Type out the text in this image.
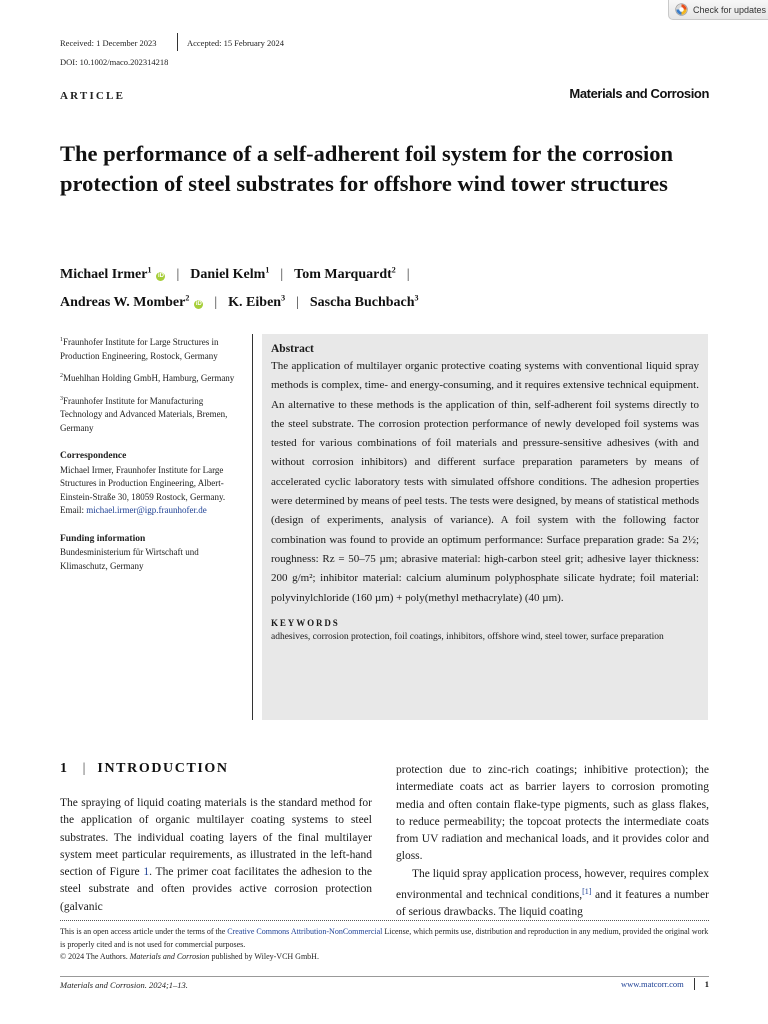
Check for updates
Received: 1 December 2023	Accepted: 15 February 2024
DOI: 10.1002/maco.202314218
ARTICLE	Materials and Corrosion
The performance of a self-adherent foil system for the corrosion protection of steel substrates for offshore wind tower structures
Michael Irmer$^1$iD | Daniel Kelm$^1$ | Tom Marquardt$^2$ |
Andreas W. Momber$^2$iD | K. Eiben$^3$ | Sascha Buchbach$^3$

$^1$Fraunhofer Institute for Large Structures in Production Engineering, Rostock, Germany

$^2$Muehlhan Holding GmbH, Hamburg, Germany

$^3$Fraunhofer Institute for Manufacturing Technology and Advanced Materials, Bremen, Germany

Correspondence
Michael Irmer, Fraunhofer Institute for Large Structures in Production Engineering, Albert-Einstein-Straße 30, 18059 Rostock, Germany.
Email: michael.irmer@igp.fraunhofer.de
Funding information
Bundesministerium für Wirtschaft und Klimaschutz, Germany
Abstract
The application of multilayer organic protective coating systems with conventional liquid spray methods is complex, time- and energy-consuming, and it requires extensive technical equipment. An alternative to these methods is the application of thin, self-adherent foil systems directly to the steel substrate. The corrosion protection performance of newly developed foil systems was tested for various combinations of foil materials and pressure-sensitive adhesives (with and without corrosion inhibitors) and different surface preparation parameters by means of accelerated cyclic laboratory tests with simulated offshore conditions. The adhesion properties were determined by means of peel tests. The tests were designed, by means of statistical methods (design of experiments, analysis of variance). A foil system with the following factor combination was found to provide an optimum performance: Surface preparation grade: Sa 2½; roughness: Rz = 50–75 µm; abrasive material: high-carbon steel grit; adhesive layer thickness: 200 g/m²; inhibitor material: calcium aluminum polyphosphate silicate hydrate; foil material: polyvinylchloride (160 µm) + poly(methyl methacrylate) (40 µm).
KEYWORDS
adhesives, corrosion protection, foil coatings, inhibitors, offshore wind, steel tower, surface preparation
1 | INTRODUCTION

The spraying of liquid coating materials is the standard method for the application of organic multilayer coating systems to steel substrates. The individual coating layers of the final multilayer system meet particular requirements, as illustrated in the left-hand section of Figure 1. The primer coat facilitates the adhesion to the steel substrate and often provides active corrosion protection (galvanic

protection due to zinc-rich coatings; inhibitive protection); the intermediate coats act as barrier layers to corrosion promoting media and often contain flake-type pigments, such as glass flakes, to reduce permeability; the topcoat protects the intermediate coats from UV radiation and mechanical loads, and it provides color and gloss.

The liquid spray application process, however, requires complex environmental and technical conditions,[1] and it features a number of serious drawbacks. The liquid coating

This is an open access article under the terms of the Creative Commons Attribution-NonCommercial License, which permits use, distribution and reproduction in any medium, provided the original work is properly cited and is not used for commercial purposes.
© 2024 The Authors. Materials and Corrosion published by Wiley-VCH GmbH.
Materials and Corrosion. 2024;1–13.	www.matcorr.com 1
